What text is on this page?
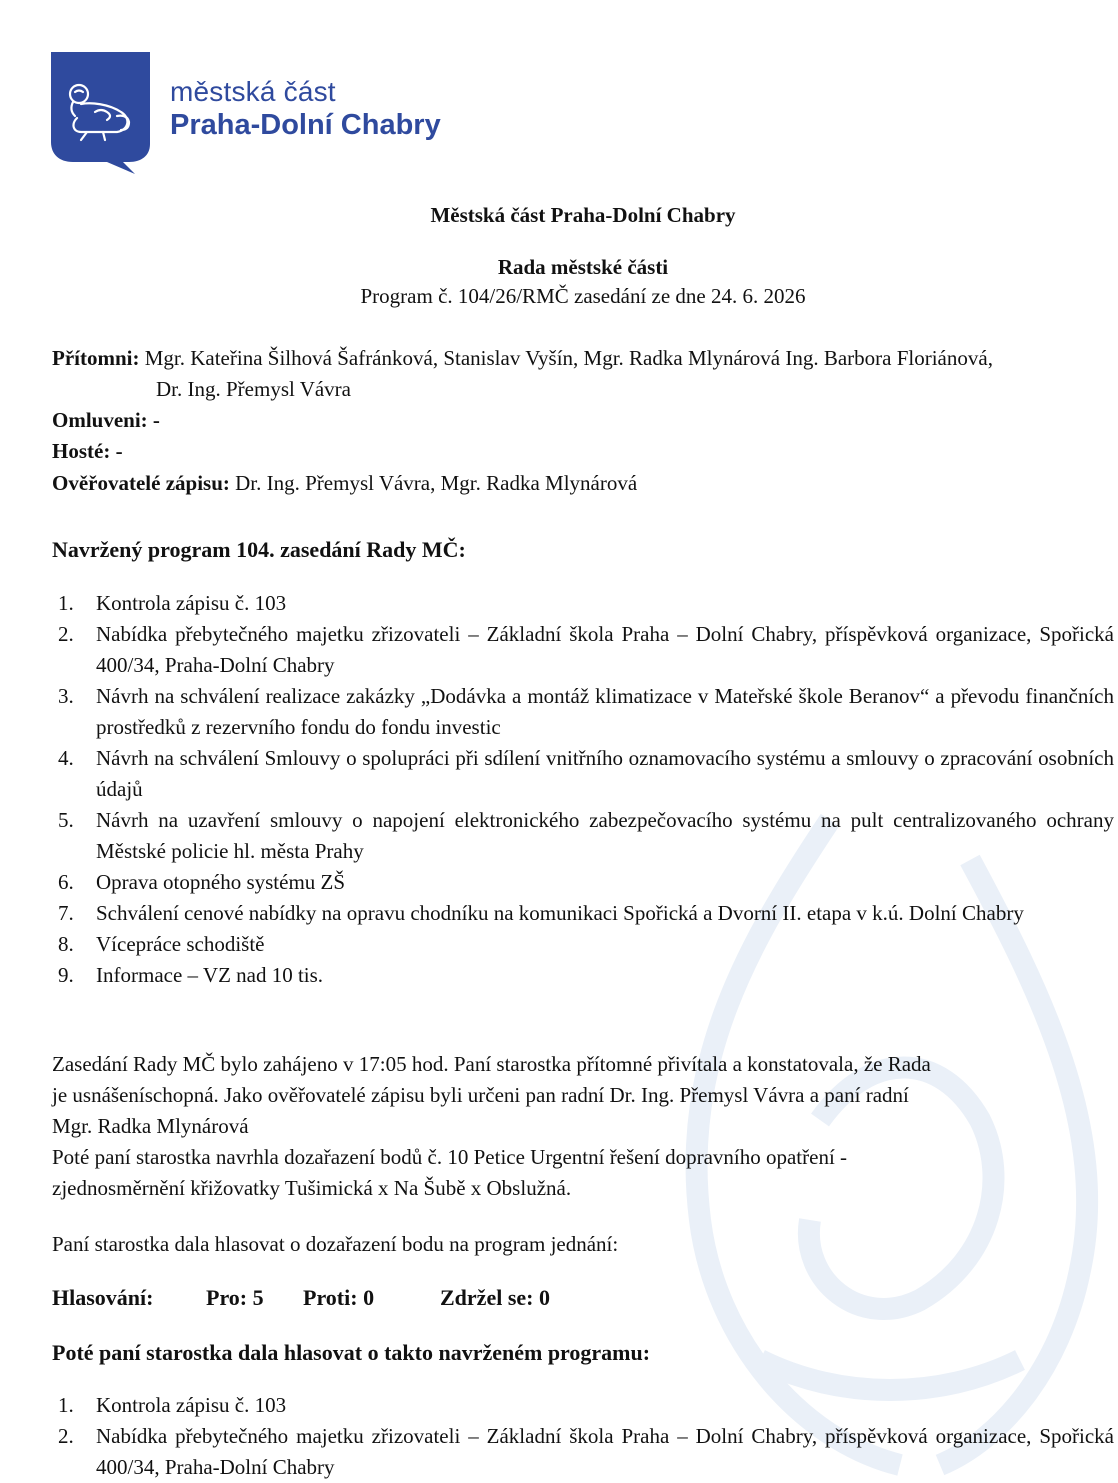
městská část
Praha-Dolní Chabry
Městská část Praha-Dolní Chabry
Rada městské části
Program č. 104/26/RMČ zasedání ze dne 24. 6. 2026
Přítomni: Mgr. Kateřina Šilhová Šafránková, Stanislav Vyšín, Mgr. Radka Mlynárová Ing. Barbora Floriánová,
Dr. Ing. Přemysl Vávra
Omluveni: -
Hosté: -
Ověřovatelé zápisu: Dr. Ing. Přemysl Vávra, Mgr. Radka Mlynárová
Navržený program 104. zasedání Rady MČ:
1. Kontrola zápisu č. 103
2. Nabídka přebytečného majetku zřizovateli – Základní škola Praha – Dolní Chabry, příspěvková organizace, Spořická 400/34, Praha-Dolní Chabry
3. Návrh na schválení realizace zakázky „Dodávka a montáž klimatizace v Mateřské škole Beranov“ a převodu finančních prostředků z rezervního fondu do fondu investic
4. Návrh na schválení Smlouvy o spolupráci při sdílení vnitřního oznamovacího systému a smlouvy o zpracování osobních údajů
5. Návrh na uzavření smlouvy o napojení elektronického zabezpečovacího systému na pult centralizovaného ochrany Městské policie hl. města Prahy
6. Oprava otopného systému ZŠ
7. Schválení cenové nabídky na opravu chodníku na komunikaci Spořická a Dvorní II. etapa v k.ú. Dolní Chabry
8. Vícepráce schodiště
9. Informace – VZ nad 10 tis.
Zasedání Rady MČ bylo zahájeno v 17:05 hod. Paní starostka přítomné přivítala a konstatovala, že Rada
je usnášeníschopná. Jako ověřovatelé zápisu byli určeni pan radní Dr. Ing. Přemysl Vávra a paní radní
Mgr. Radka Mlynárová
Poté paní starostka navrhla dozařazení bodů č. 10 Petice Urgentní řešení dopravního opatření -
zjednosměrnění křižovatky Tušimická x Na Šubě x Obslužná.
Paní starostka dala hlasovat o dozařazení bodu na program jednání:
Hlasování: Pro: 5 Proti: 0	Zdržel se: 0
Poté paní starostka dala hlasovat o takto navrženém programu:
1. Kontrola zápisu č. 103
2. Nabídka přebytečného majetku zřizovateli – Základní škola Praha – Dolní Chabry, příspěvková organizace, Spořická 400/34, Praha-Dolní Chabry
